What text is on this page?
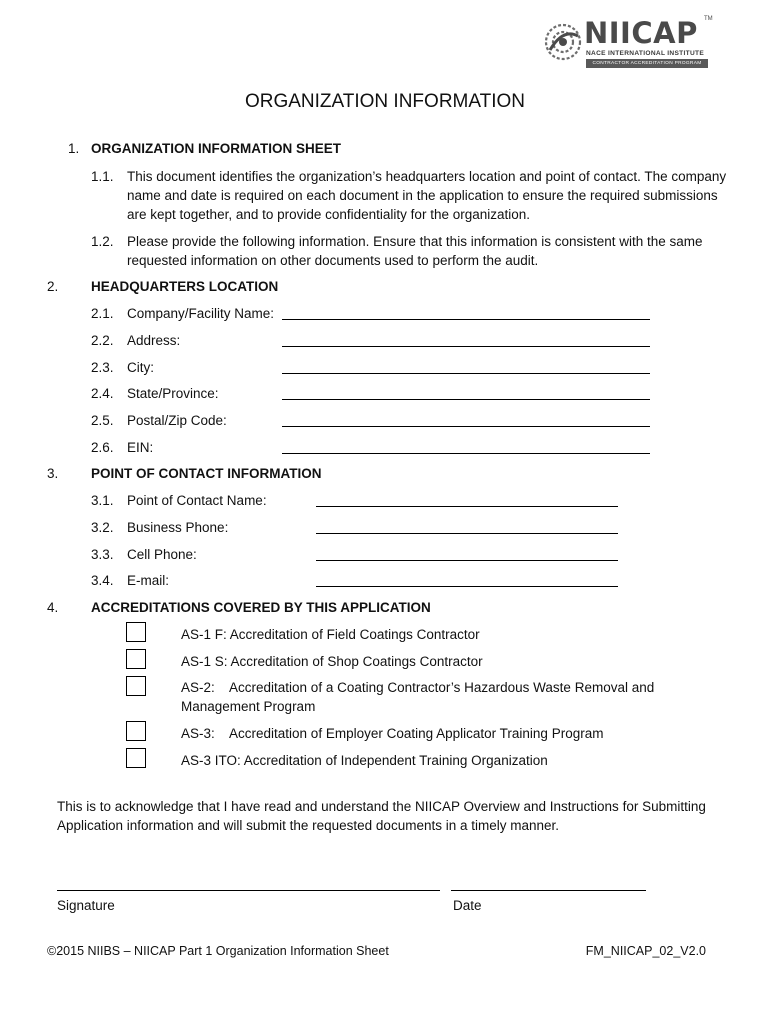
NIICAP TM
NACE INTERNATIONAL INSTITUTE
CONTRACTOR ACCREDITATION PROGRAM
ORGANIZATION INFORMATION
1. ORGANIZATION INFORMATION SHEET
1.1. This document identifies the organization’s headquarters location and point of contact. The company name and date is required on each document in the application to ensure the required submissions are kept together, and to provide confidentiality for the organization.
1.2. Please provide the following information. Ensure that this information is consistent with the same requested information on other documents used to perform the audit.
2. HEADQUARTERS LOCATION
2.1. Company/Facility Name:
2.2. Address:
2.3. City:
2.4. State/Province:
2.5. Postal/Zip Code:
2.6. EIN:
3. POINT OF CONTACT INFORMATION
3.1. Point of Contact Name:
3.2. Business Phone:
3.3. Cell Phone:
3.4. E-mail:
4. ACCREDITATIONS COVERED BY THIS APPLICATION
AS-1 F: Accreditation of Field Coatings Contractor
AS-1 S: Accreditation of Shop Coatings Contractor
AS-2:    Accreditation of a Coating Contractor’s Hazardous Waste Removal and Management Program
AS-3:    Accreditation of Employer Coating Applicator Training Program
AS-3 ITO: Accreditation of Independent Training Organization
This is to acknowledge that I have read and understand the NIICAP Overview and Instructions for Submitting Application information and will submit the requested documents in a timely manner.
Signature	Date
©2015 NIIBS – NIICAP Part 1 Organization Information Sheet	FM_NIICAP_02_V2.0
